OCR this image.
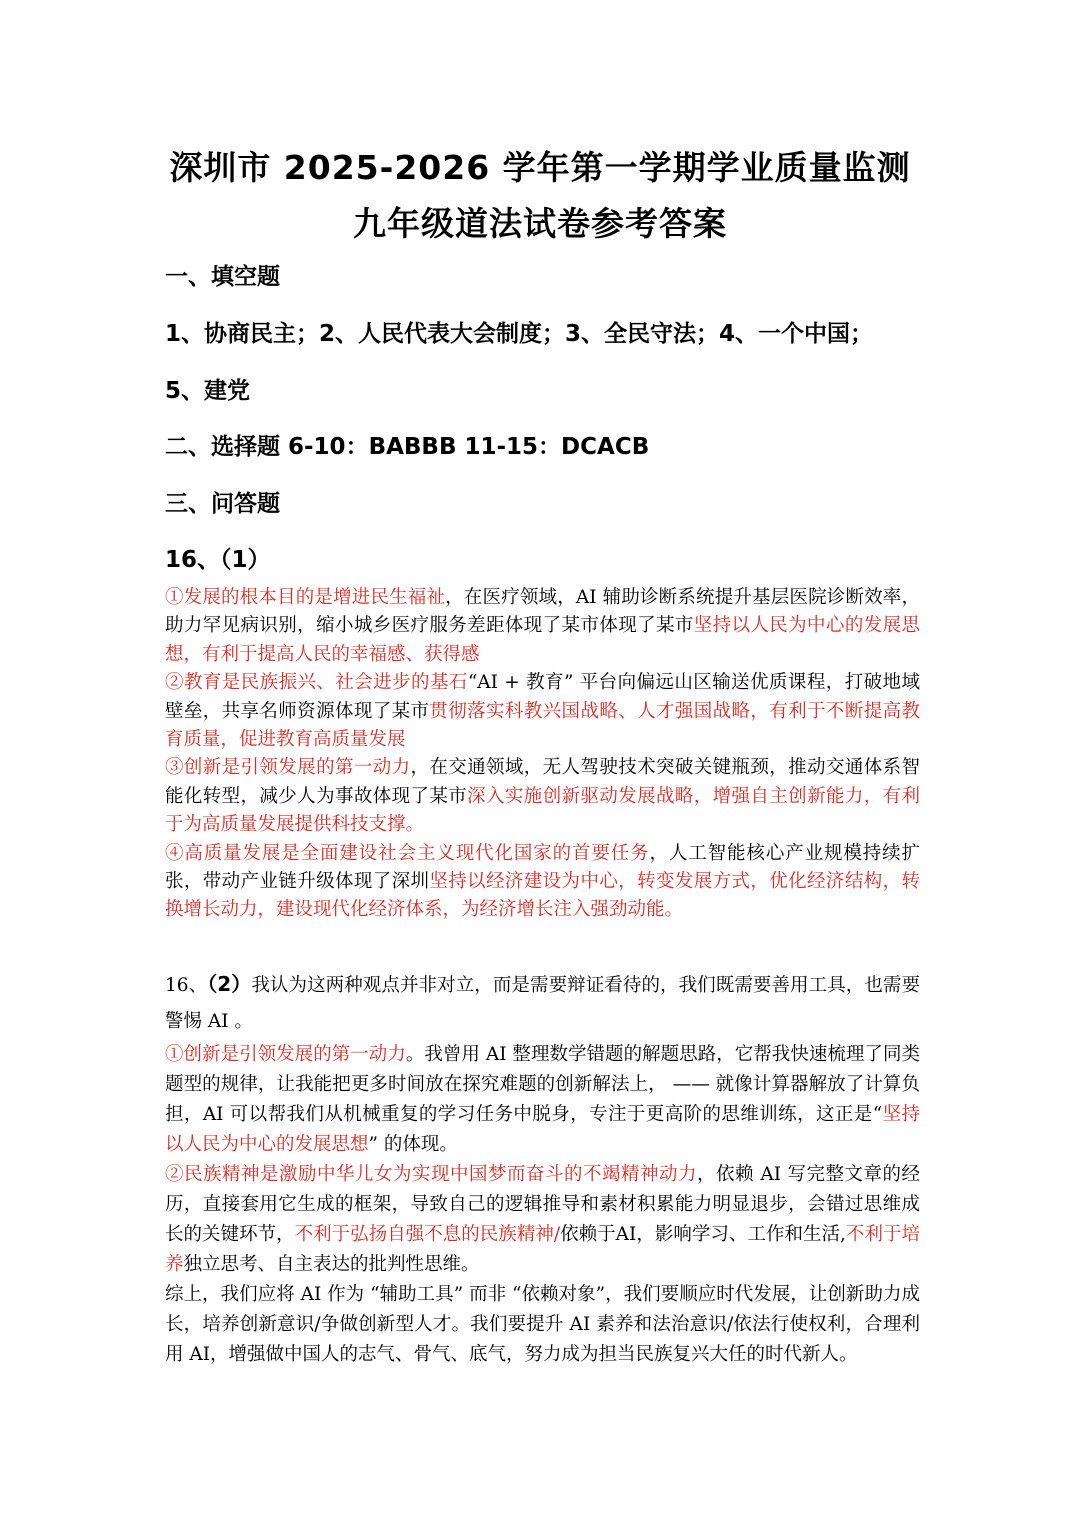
深圳市 2025-2026 学年第一学期学业质量监测
九年级道法试卷参考答案
一、填空题
1、协商民主；2、人民代表大会制度；3、全民守法；4、一个中国；
5、建党
二、选择题 6-10：BABBB 11-15：DCACB
三、问答题
16、（1）
①发展的根本目的是增进民生福祉，在医疗领域，AI 辅助诊断系统提升基层医院诊断效率，助力罕见病识别，缩小城乡医疗服务差距体现了某市体现了某市坚持以人民为中心的发展思想，有利于提高人民的幸福感、获得感
②教育是民族振兴、社会进步的基石“AI + 教育” 平台向偏远山区输送优质课程，打破地域壁垒，共享名师资源体现了某市贯彻落实科教兴国战略、人才强国战略，有利于不断提高教育质量，促进教育高质量发展
③创新是引领发展的第一动力，在交通领域，无人驾驶技术突破关键瓶颈，推动交通体系智能化转型，减少人为事故体现了某市深入实施创新驱动发展战略，增强自主创新能力，有利于为高质量发展提供科技支撑。
④高质量发展是全面建设社会主义现代化国家的首要任务，人工智能核心产业规模持续扩张，带动产业链升级体现了深圳坚持以经济建设为中心，转变发展方式，优化经济结构，转换增长动力，建设现代化经济体系，为经济增长注入强劲动能。
16、（2）我认为这两种观点并非对立，而是需要辩证看待的，我们既需要善用工具，也需要警惕 AI 。
①创新是引领发展的第一动力。我曾用 AI 整理数学错题的解题思路，它帮我快速梳理了同类题型的规律，让我能把更多时间放在探究难题的创新解法上， —— 就像计算器解放了计算负担，AI 可以帮我们从机械重复的学习任务中脱身，专注于更高阶的思维训练，这正是“坚持以人民为中心的发展思想” 的体现。
②民族精神是激励中华儿女为实现中国梦而奋斗的不竭精神动力，依赖 AI 写完整文章的经历，直接套用它生成的框架，导致自己的逻辑推导和素材积累能力明显退步，会错过思维成长的关键环节，不利于弘扬自强不息的民族精神/依赖于AI，影响学习、工作和生活,不利于培养独立思考、自主表达的批判性思维。
综上，我们应将 AI 作为 “辅助工具” 而非 “依赖对象”，我们要顺应时代发展，让创新助力成长，培养创新意识/争做创新型人才。我们要提升 AI 素养和法治意识/依法行使权利，合理利用 AI，增强做中国人的志气、骨气、底气，努力成为担当民族复兴大任的时代新人。
